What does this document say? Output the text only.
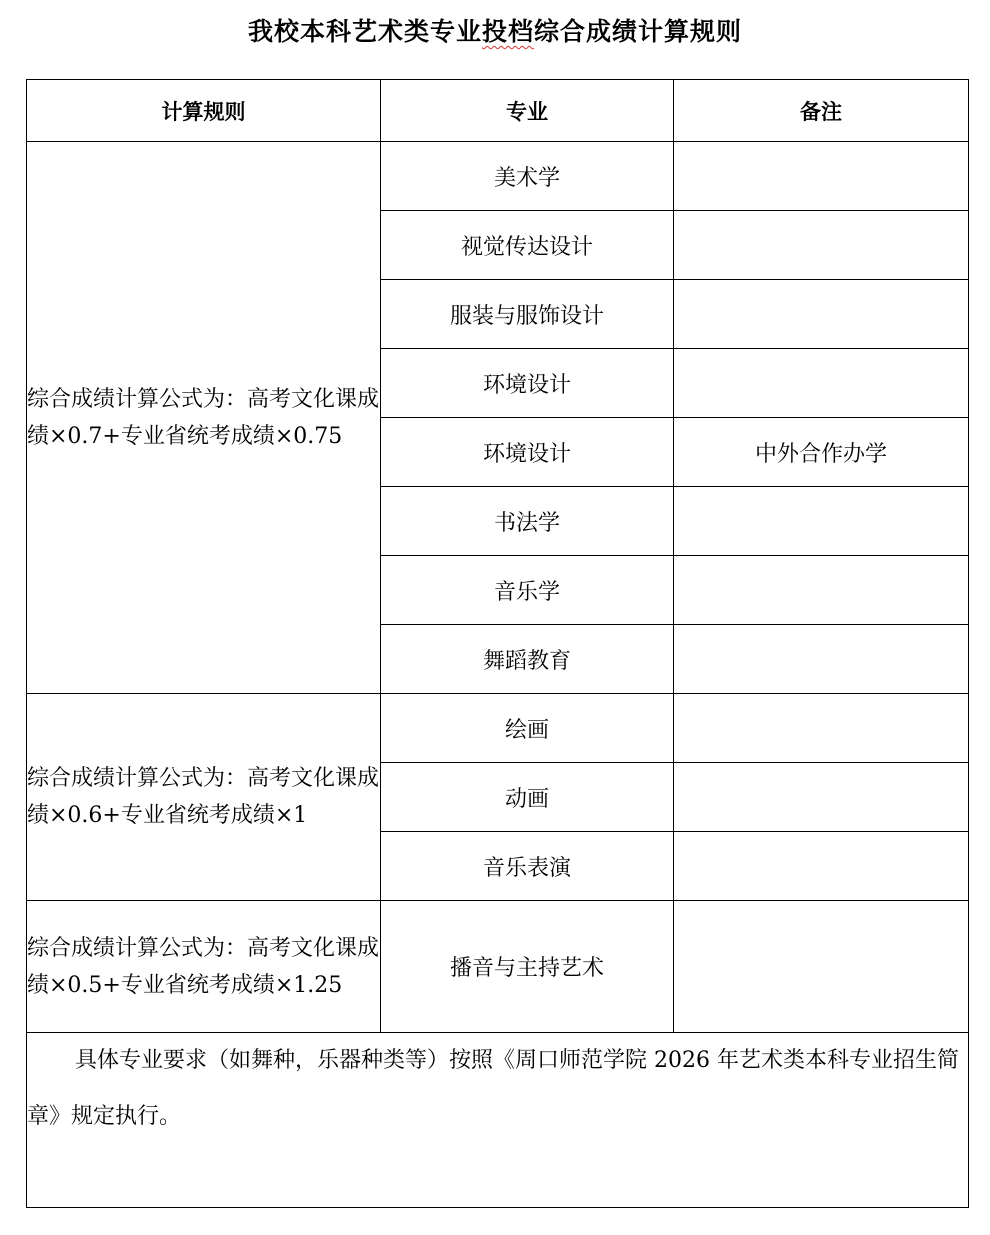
我校本科艺术类专业投档综合成绩计算规则
计算规则	专业	备注
综合成绩计算公式为：高考文化课成绩×0.7+专业省统考成绩×0.75	美术学	
	视觉传达设计	
	服装与服饰设计	
	环境设计	
	环境设计	中外合作办学
	书法学	
	音乐学	
	舞蹈教育	
综合成绩计算公式为：高考文化课成绩×0.6+专业省统考成绩×1	绘画	
	动画	
	音乐表演	
综合成绩计算公式为：高考文化课成绩×0.5+专业省统考成绩×1.25	播音与主持艺术	
具体专业要求（如舞种，乐器种类等）按照《周口师范学院 2026 年艺术类本科专业招生简章》规定执行。		
